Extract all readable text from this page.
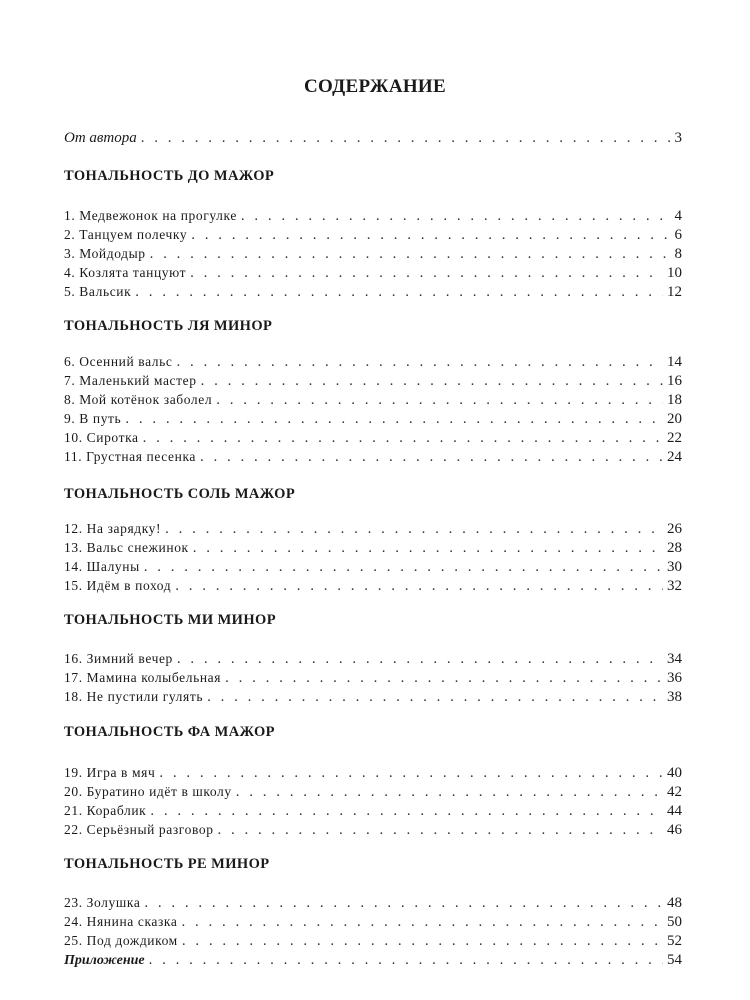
СОДЕРЖАНИЕ
От автора . . .	3
ТОНАЛЬНОСТЬ ДО МАЖОР
1. Медвежонок на прогулке . . .	4
2. Танцуем полечку . . .	6
3. Мойдодыр . . .	8
4. Козлята танцуют . . .	10
5. Вальсик . . .	12
ТОНАЛЬНОСТЬ ЛЯ МИНОР
6. Осенний вальс . . .	14
7. Маленький мастер . . .	16
8. Мой котёнок заболел . . .	18
9. В путь . . .	20
10. Сиротка . . .	22
11. Грустная песенка . . .	24
ТОНАЛЬНОСТЬ СОЛЬ МАЖОР
12. На зарядку! . . .	26
13. Вальс снежинок . . .	28
14. Шалуны . . .	30
15. Идём в поход . . .	32
ТОНАЛЬНОСТЬ МИ МИНОР
16. Зимний вечер . . .	34
17. Мамина колыбельная . . .	36
18. Не пустили гулять . . .	38
ТОНАЛЬНОСТЬ ФА МАЖОР
19. Игра в мяч . . .	40
20. Буратино идёт в школу . . .	42
21. Кораблик . . .	44
22. Серьёзный разговор . . .	46
ТОНАЛЬНОСТЬ РЕ МИНОР
23. Золушка . . .	48
24. Нянина сказка . . .	50
25. Под дождиком . . .	52
Приложение . . .	54
